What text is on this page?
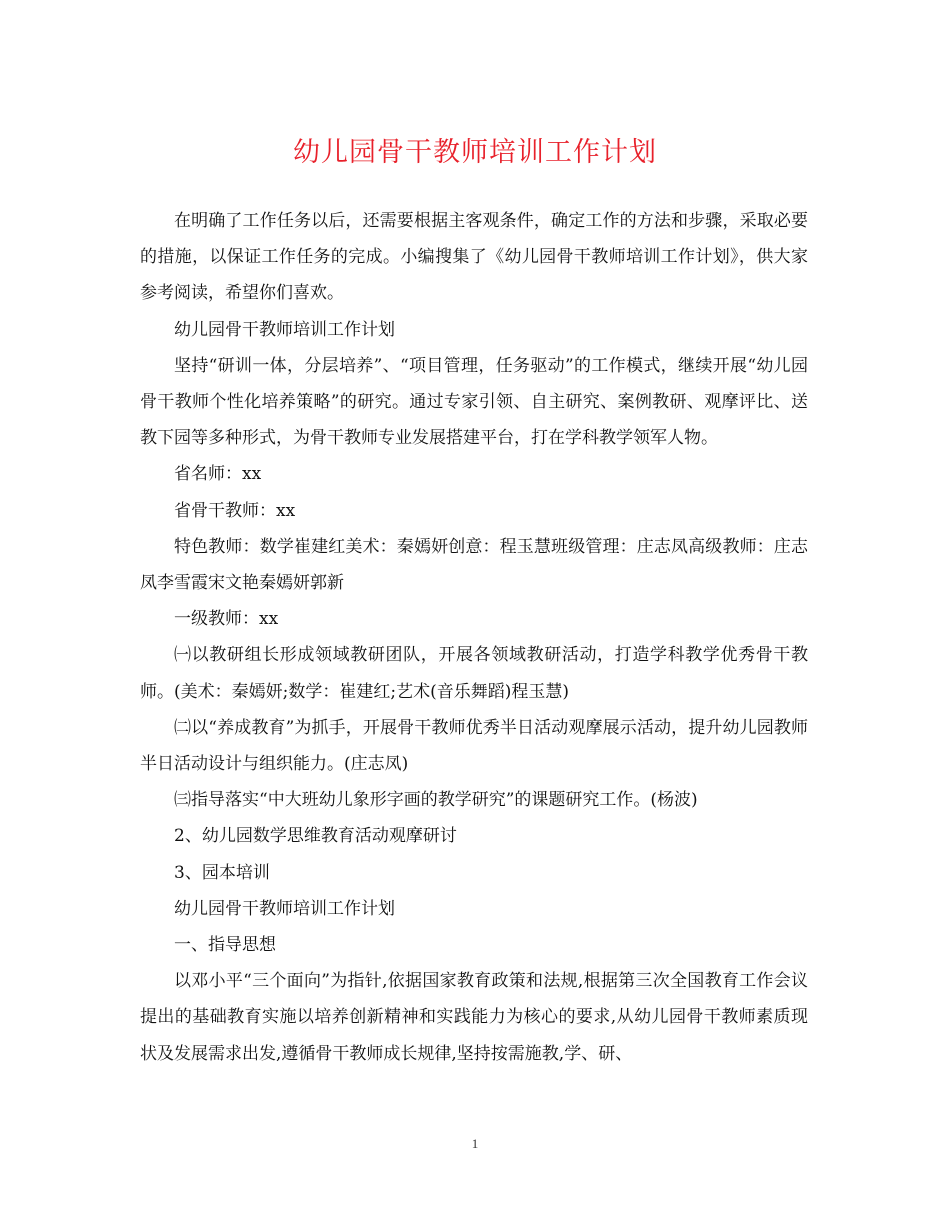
幼儿园骨干教师培训工作计划

在明确了工作任务以后，还需要根据主客观条件，确定工作的方法和步骤，采取必要的措施，以保证工作任务的完成。小编搜集了《幼儿园骨干教师培训工作计划》，供大家参考阅读，希望你们喜欢。

幼儿园骨干教师培训工作计划

坚持“研训一体，分层培养”、“项目管理，任务驱动”的工作模式，继续开展“幼儿园骨干教师个性化培养策略”的研究。通过专家引领、自主研究、案例教研、观摩评比、送教下园等多种形式，为骨干教师专业发展搭建平台，打在学科教学领军人物。

省名师：xx

省骨干教师：xx

特色教师：数学崔建红美术：秦嫣妍创意：程玉慧班级管理：庄志凤高级教师：庄志凤李雪霞宋文艳秦嫣妍郭新

一级教师：xx

㈠以教研组长形成领域教研团队，开展各领域教研活动，打造学科教学优秀骨干教师。(美术：秦嫣妍;数学：崔建红;艺术(音乐舞蹈)程玉慧)

㈡以“养成教育”为抓手，开展骨干教师优秀半日活动观摩展示活动，提升幼儿园教师半日活动设计与组织能力。(庄志凤)

㈢指导落实“中大班幼儿象形字画的教学研究”的课题研究工作。(杨波)

2、幼儿园数学思维教育活动观摩研讨

3、园本培训

幼儿园骨干教师培训工作计划

一、指导思想

以邓小平“三个面向”为指针,依据国家教育政策和法规,根据第三次全国教育工作会议提出的基础教育实施以培养创新精神和实践能力为核心的要求,从幼儿园骨干教师素质现状及发展需求出发,遵循骨干教师成长规律,坚持按需施教,学、研、

1
